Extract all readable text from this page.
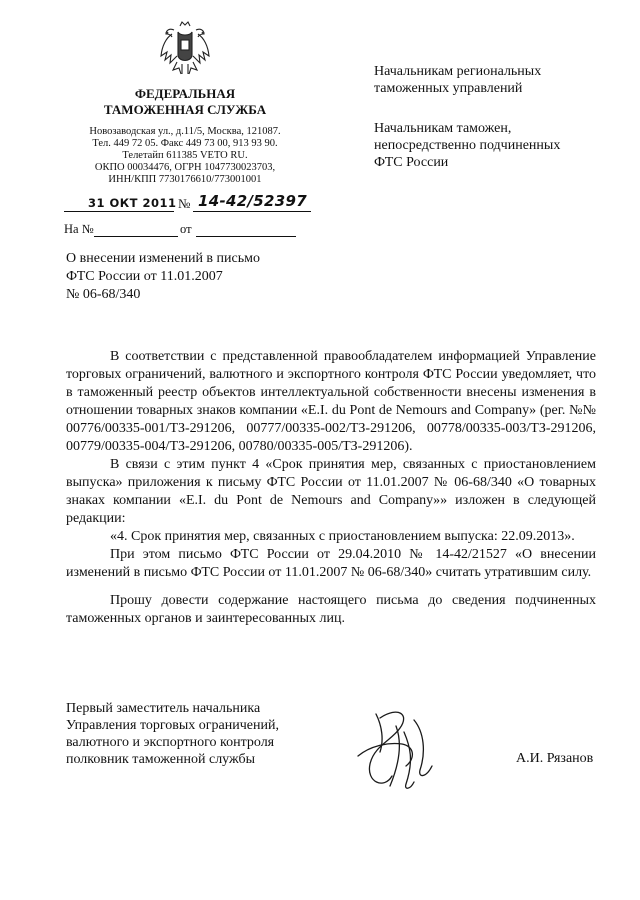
ФЕДЕРАЛЬНАЯ
ТАМОЖЕННАЯ СЛУЖБА
Новозаводская ул., д.11/5, Москва, 121087.
Тел. 449 72 05. Факс 449 73 00, 913 93 90.
Телетайп 611385 VETO RU.
ОКПО 00034476, ОГРН 1047730023703,
ИНН/КПП 7730176610/773001001
31 ОКТ 2011 № 14-42/52397
На №	от
Начальникам региональных
таможенных управлений
Начальникам таможен,
непосредственно подчиненных
ФТС России
О внесении изменений в письмо
ФТС России от 11.01.2007
№ 06-68/340

В соответствии с представленной правообладателем информацией Управление торговых ограничений, валютного и экспортного контроля ФТС России уведомляет, что в таможенный реестр объектов интеллектуальной собственности внесены изменения в отношении товарных знаков компании «E.I. du Pont de Nemours and Company» (рег. №№ 00776/00335-001/ТЗ-291206, 00777/00335-002/ТЗ-291206, 00778/00335-003/ТЗ-291206, 00779/00335-004/ТЗ-291206, 00780/00335-005/ТЗ-291206).

В связи с этим пункт 4 «Срок принятия мер, связанных с приостановлением выпуска» приложения к письму ФТС России от 11.01.2007 № 06-68/340 «О товарных знаках компании «E.I. du Pont de Nemours and Company»» изложен в следующей редакции:

«4. Срок принятия мер, связанных с приостановлением выпуска: 22.09.2013».

При этом письмо ФТС России от 29.04.2010 № 14-42/21527 «О внесении изменений в письмо ФТС России от 11.01.2007 № 06-68/340» считать утратившим силу.

Прошу довести содержание настоящего письма до сведения подчиненных таможенных органов и заинтересованных лиц.

Первый заместитель начальника
Управления торговых ограничений,
валютного и экспортного контроля
полковник таможенной службы	А.И. Рязанов
